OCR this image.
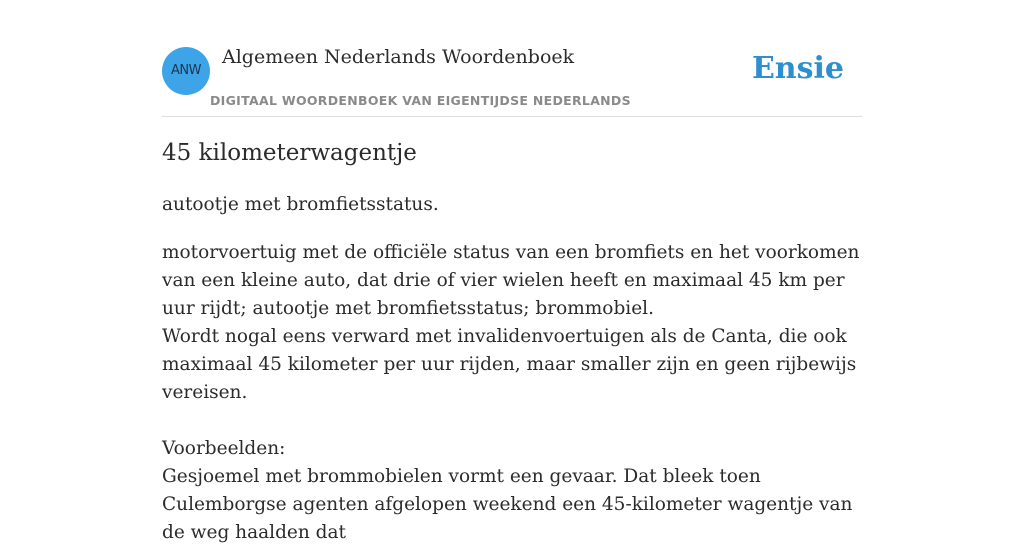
ANW
Algemeen Nederlands Woordenboek
DIGITAAL WOORDENBOEK VAN EIGENTIJDSE NEDERLANDS
Ensie
45 kilometerwagentje

autootje met bromfietsstatus.

motorvoertuig met de officiële status van een bromfiets en het voorkomen van een kleine auto, dat drie of vier wielen heeft en maximaal 45 km per uur rijdt; autootje met bromfietsstatus; brommobiel.

Wordt nogal eens verward met invalidenvoertuigen als de Canta, die ook maximaal 45 kilometer per uur rijden, maar smaller zijn en geen rijbewijs vereisen.

Voorbeelden:

Gesjoemel met brommobielen vormt een gevaar. Dat bleek toen Culemborgse agenten afgelopen weekend een 45-kilometer wagentje van de weg haalden dat
